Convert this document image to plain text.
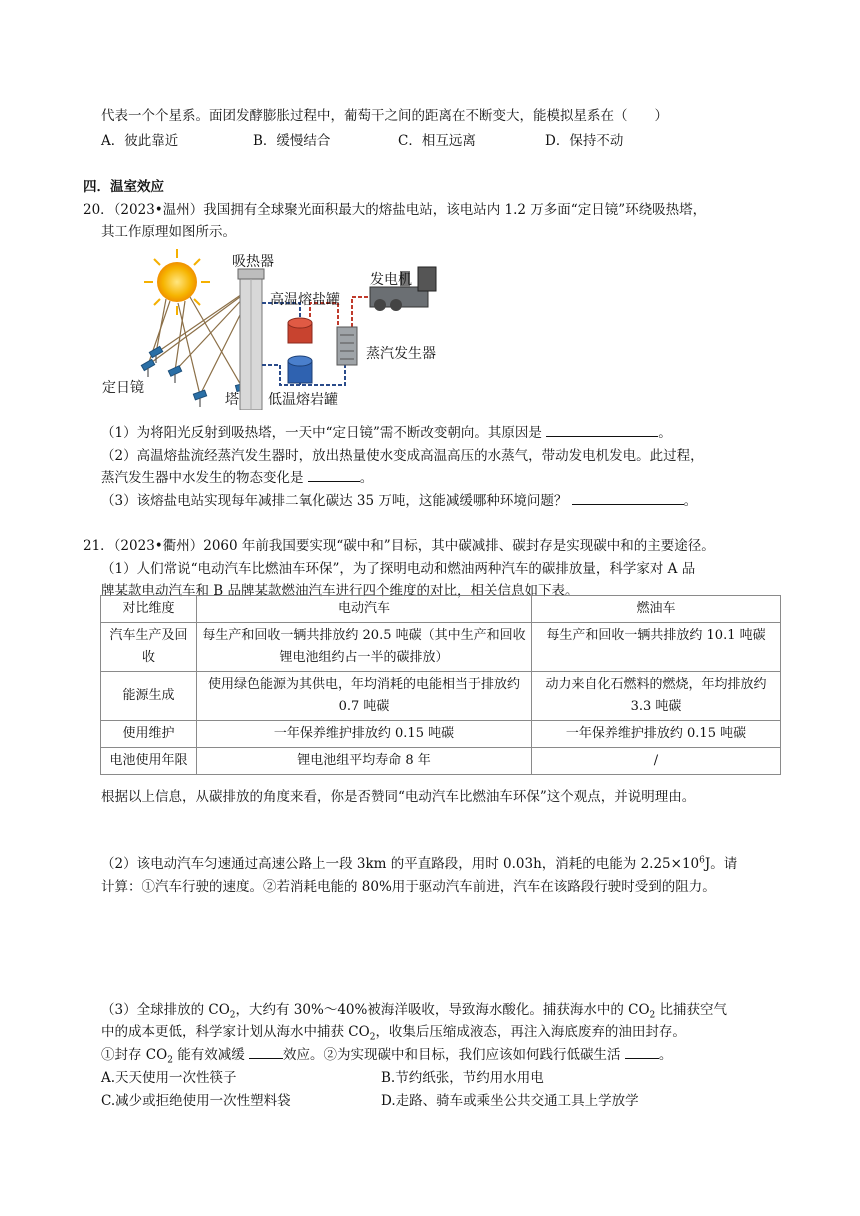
代表一个个星系。面团发酵膨胀过程中，葡萄干之间的距离在不断变大，能模拟星系在（　　）
A．彼此靠近	B．缓慢结合	C．相互远离	D．保持不动
四．温室效应
20．（2023•温州）我国拥有全球聚光面积最大的熔盐电站，该电站内 1.2 万多面“定日镜”环绕吸热塔，
其工作原理如图所示。
吸热器
高温熔盐罐
发电机
蒸汽发生器
定日镜
塔 低温熔岩罐
（1）为将阳光反射到吸热塔，一天中“定日镜”需不断改变朝向。其原因是	。
（2）高温熔盐流经蒸汽发生器时，放出热量使水变成高温高压的水蒸气，带动发电机发电。此过程，
蒸汽发生器中水发生的物态变化是	。
（3）该熔盐电站实现每年减排二氧化碳达 35 万吨，这能减缓哪种环境问题？	。
21．（2023•衢州）2060 年前我国要实现“碳中和”目标，其中碳减排、碳封存是实现碳中和的主要途径。
（1）人们常说“电动汽车比燃油车环保”，为了探明电动和燃油两种汽车的碳排放量，科学家对 A 品
牌某款电动汽车和 B 品牌某款燃油汽车进行四个维度的对比，相关信息如下表。
对比维度	电动汽车	燃油车
汽车生产及回收	每生产和回收一辆共排放约 20.5 吨碳（其中生产和回收锂电池组约占一半的碳排放）	每生产和回收一辆共排放约 10.1 吨碳
能源生成	使用绿色能源为其供电，年均消耗的电能相当于排放约 0.7 吨碳	动力来自化石燃料的燃烧，年均排放约 3.3 吨碳
使用维护	一年保养维护排放约 0.15 吨碳	一年保养维护排放约 0.15 吨碳
电池使用年限	锂电池组平均寿命 8 年	/
根据以上信息，从碳排放的角度来看，你是否赞同“电动汽车比燃油车环保”这个观点，并说明理由。
（2）该电动汽车匀速通过高速公路上一段 3km 的平直路段，用时 0.03h，消耗的电能为 $2.25\times 10^6J$。请
计算：①汽车行驶的速度。②若消耗电能的 80%用于驱动汽车前进，汽车在该路段行驶时受到的阻力。
（3）全球排放的 $CO_2$，大约有 30%～40%被海洋吸收，导致海水酸化。捕获海水中的 $CO_2$ 比捕获空气
中的成本更低，科学家计划从海水中捕获 $CO_2$，收集后压缩成液态，再注入海底废弃的油田封存。
①封存 $CO_2$ 能有效减缓	效应。②为实现碳中和目标，我们应该如何践行低碳生活	。
A.天天使用一次性筷子	B.节约纸张，节约用水用电
C.减少或拒绝使用一次性塑料袋	D.走路、骑车或乘坐公共交通工具上学放学
